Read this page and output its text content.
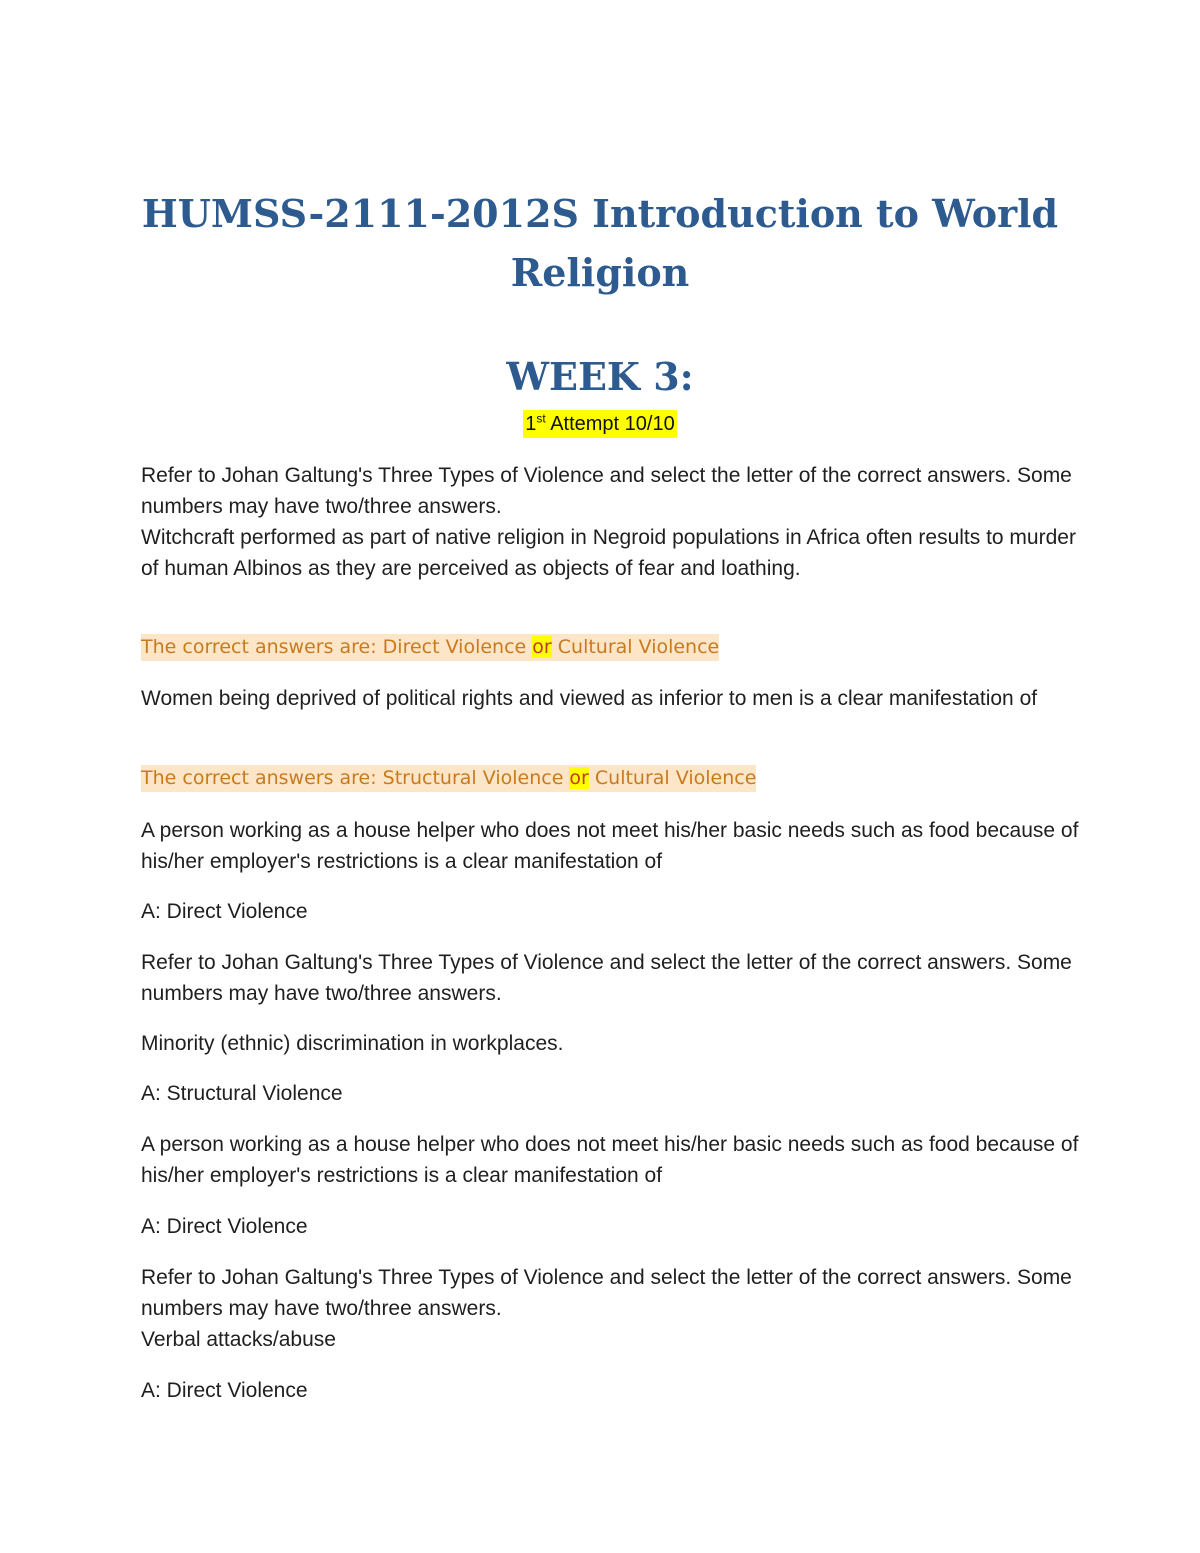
HUMSS-2111-2012S Introduction to World
Religion
WEEK 3:
1st Attempt 10/10

Refer to Johan Galtung's Three Types of Violence and select the letter of the correct answers. Some numbers may have two/three answers.

Witchcraft performed as part of native religion in Negroid populations in Africa often results to murder of human Albinos as they are perceived as objects of fear and loathing.

The correct answers are: Direct Violence or Cultural Violence

Women being deprived of political rights and viewed as inferior to men is a clear manifestation of

The correct answers are: Structural Violence or Cultural Violence

A person working as a house helper who does not meet his/her basic needs such as food because of his/her employer's restrictions is a clear manifestation of

A: Direct Violence

Refer to Johan Galtung's Three Types of Violence and select the letter of the correct answers. Some numbers may have two/three answers.

Minority (ethnic) discrimination in workplaces.

A: Structural Violence

A person working as a house helper who does not meet his/her basic needs such as food because of his/her employer's restrictions is a clear manifestation of

A: Direct Violence

Refer to Johan Galtung's Three Types of Violence and select the letter of the correct answers. Some numbers may have two/three answers.

Verbal attacks/abuse

A: Direct Violence
